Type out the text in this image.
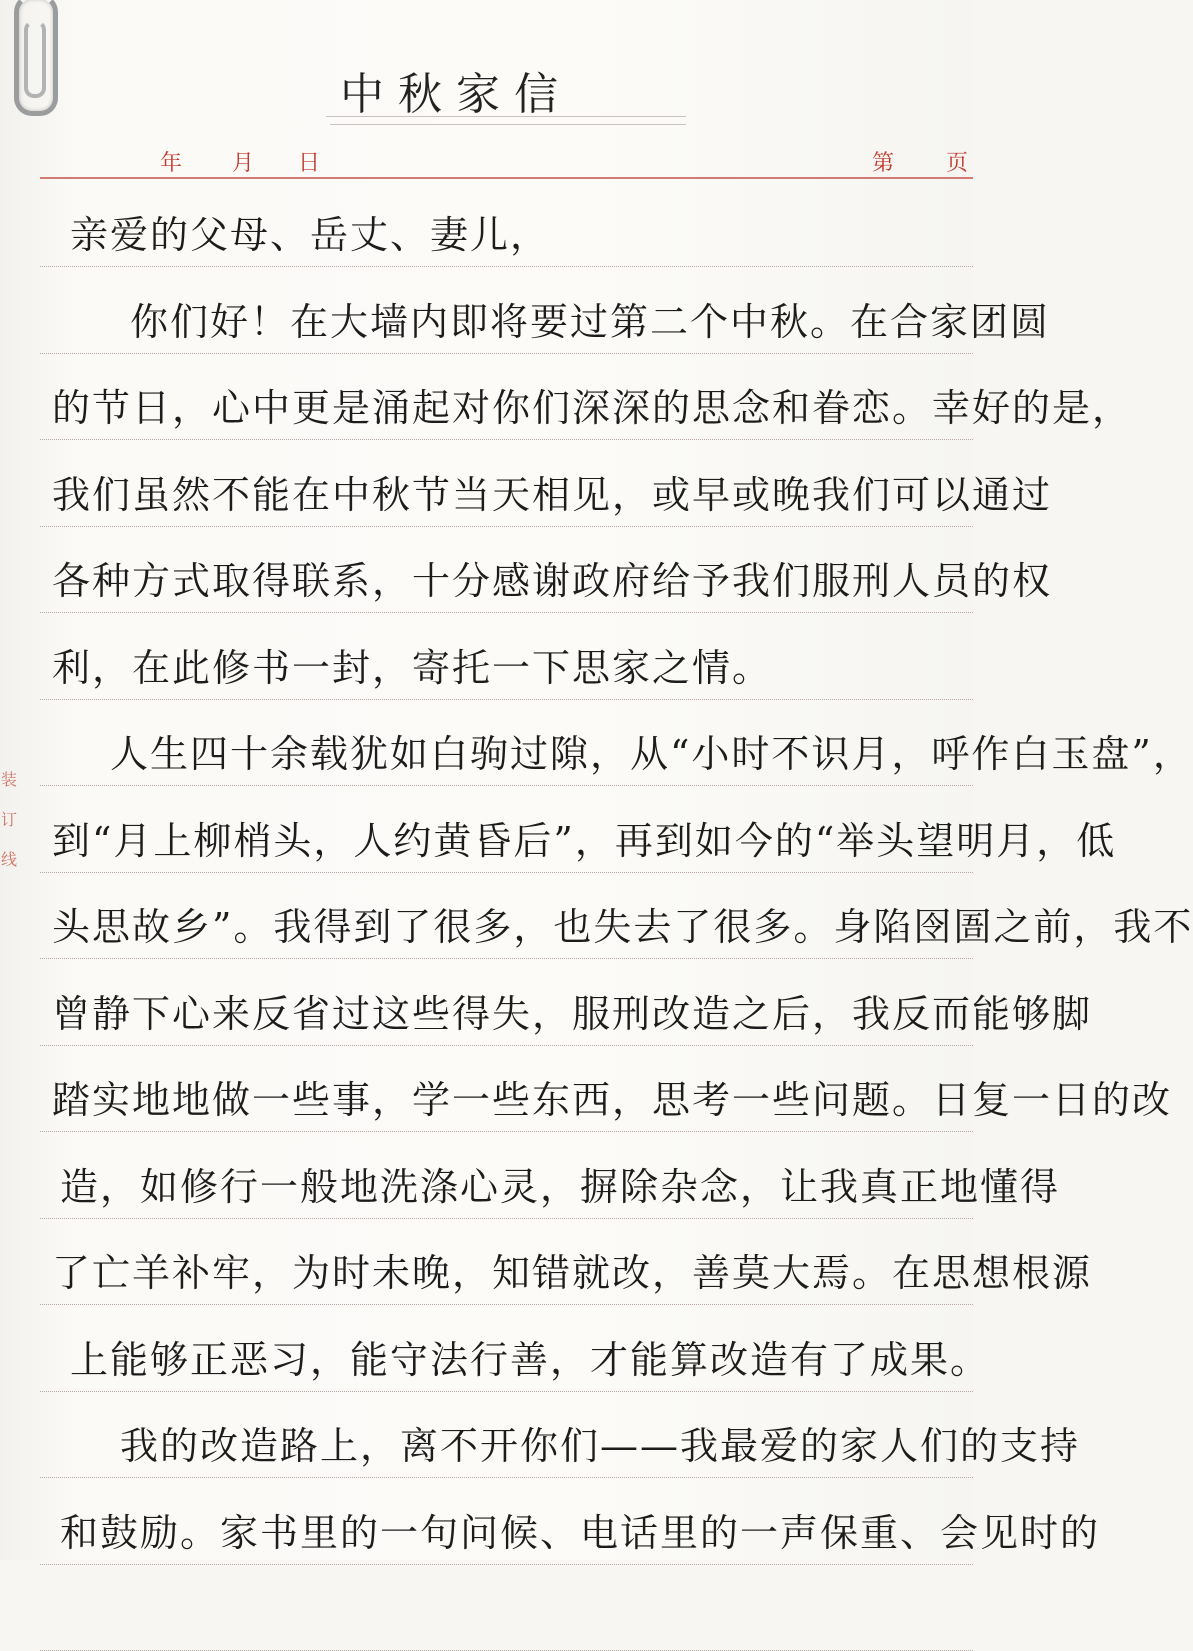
中秋家信
年 月 日	第 页
装
订
线
亲爱的父母、岳丈、妻儿，
你们好！在大墙内即将要过第二个中秋。在合家团圆
的节日，心中更是涌起对你们深深的思念和眷恋。幸好的是，
我们虽然不能在中秋节当天相见，或早或晚我们可以通过
各种方式取得联系，十分感谢政府给予我们服刑人员的权
利，在此修书一封，寄托一下思家之情。
人生四十余载犹如白驹过隙，从“小时不识月，呼作白玉盘”，
到“月上柳梢头，人约黄昏后”，再到如今的“举头望明月，低
头思故乡”。我得到了很多，也失去了很多。身陷囹圄之前，我不
曾静下心来反省过这些得失，服刑改造之后，我反而能够脚
踏实地地做一些事，学一些东西，思考一些问题。日复一日的改
造，如修行一般地洗涤心灵，摒除杂念，让我真正地懂得
了亡羊补牢，为时未晚，知错就改，善莫大焉。在思想根源
上能够正恶习，能守法行善，才能算改造有了成果。
我的改造路上，离不开你们——我最爱的家人们的支持
和鼓励。家书里的一句问候、电话里的一声保重、会见时的
